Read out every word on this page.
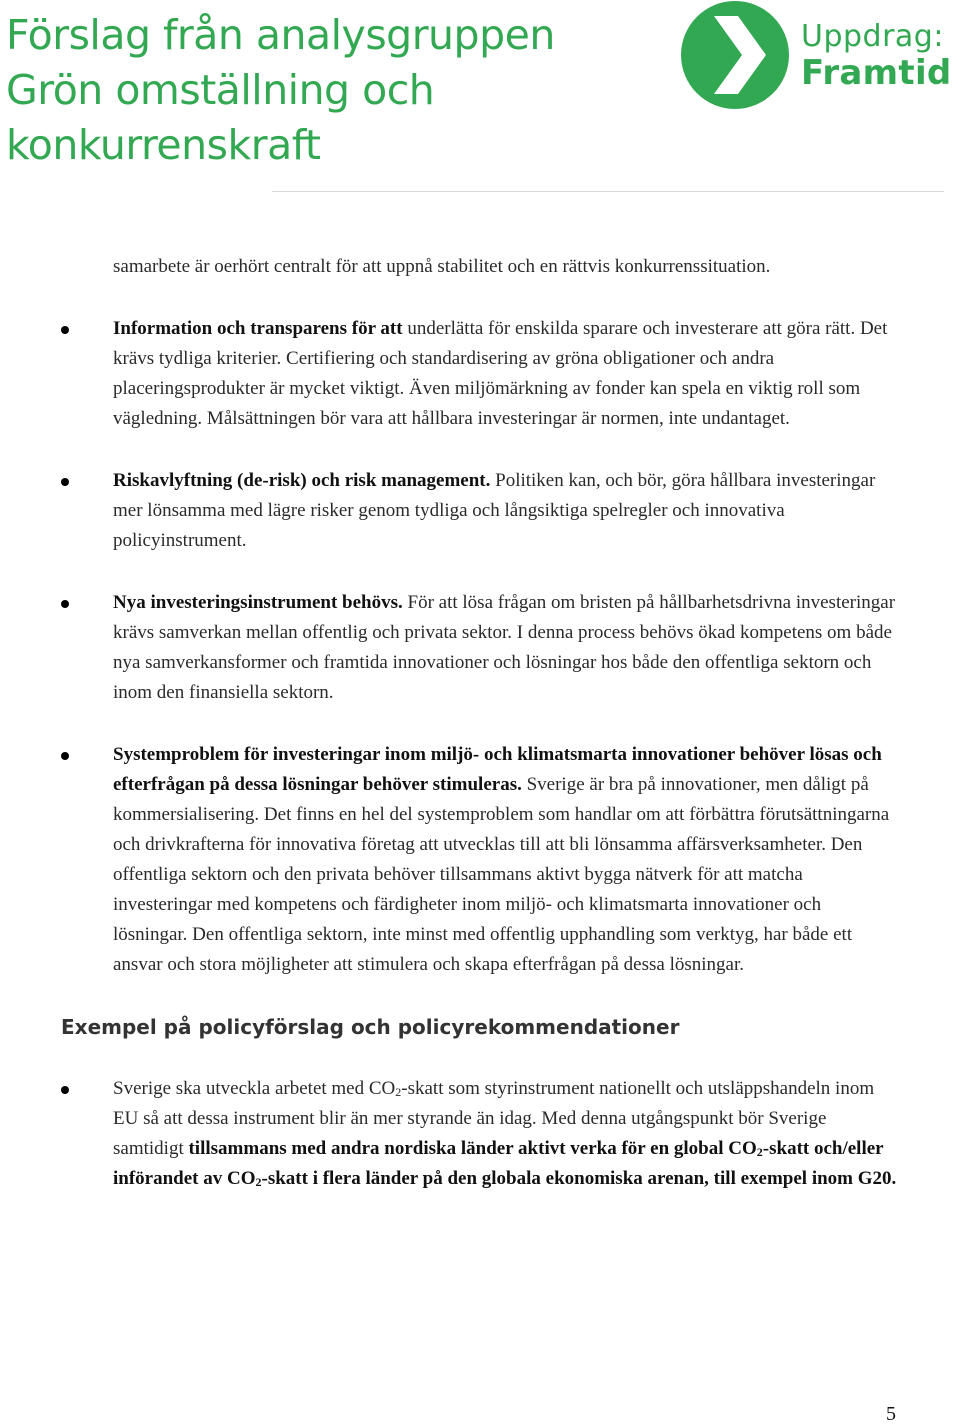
Förslag från analysgruppen
Grön omställning och
konkurrenskraft
Uppdrag:
Framtid

samarbete är oerhört centralt för att uppnå stabilitet och en rättvis konkurrenssituation.

Information och transparens för att underlätta för enskilda sparare och investerare att göra rätt. Det krävs tydliga kriterier. Certifiering och standardisering av gröna obligationer och andra placeringsprodukter är mycket viktigt. Även miljömärkning av fonder kan spela en viktig roll som vägledning. Målsättningen bör vara att hållbara investeringar är normen, inte undantaget.

Riskavlyftning (de-risk) och risk management. Politiken kan, och bör, göra hållbara investeringar mer lönsamma med lägre risker genom tydliga och långsiktiga spelregler och innovativa policyinstrument.

Nya investeringsinstrument behövs. För att lösa frågan om bristen på hållbarhetsdrivna investeringar krävs samverkan mellan offentlig och privata sektor. I denna process behövs ökad kompetens om både nya samverkansformer och framtida innovationer och lösningar hos både den offentliga sektorn och inom den finansiella sektorn.

Systemproblem för investeringar inom miljö- och klimatsmarta innovationer behöver lösas och efterfrågan på dessa lösningar behöver stimuleras. Sverige är bra på innovationer, men dåligt på kommersialisering. Det finns en hel del systemproblem som handlar om att förbättra förutsättningarna och drivkrafterna för innovativa företag att utvecklas till att bli lönsamma affärsverksamheter. Den offentliga sektorn och den privata behöver tillsammans aktivt bygga nätverk för att matcha investeringar med kompetens och färdigheter inom miljö- och klimatsmarta innovationer och lösningar. Den offentliga sektorn, inte minst med offentlig upphandling som verktyg, har både ett ansvar och stora möjligheter att stimulera och skapa efterfrågan på dessa lösningar.

Exempel på policyförslag och policyrekommendationer

Sverige ska utveckla arbetet med $CO_2$-skatt som styrinstrument nationellt och utsläppshandeln inom EU så att dessa instrument blir än mer styrande än idag. Med denna utgångspunkt bör Sverige samtidigt tillsammans med andra nordiska länder aktivt verka för en global $CO_2$-skatt och/eller införandet av $CO_2$-skatt i flera länder på den globala ekonomiska arenan, till exempel inom G20.

5
